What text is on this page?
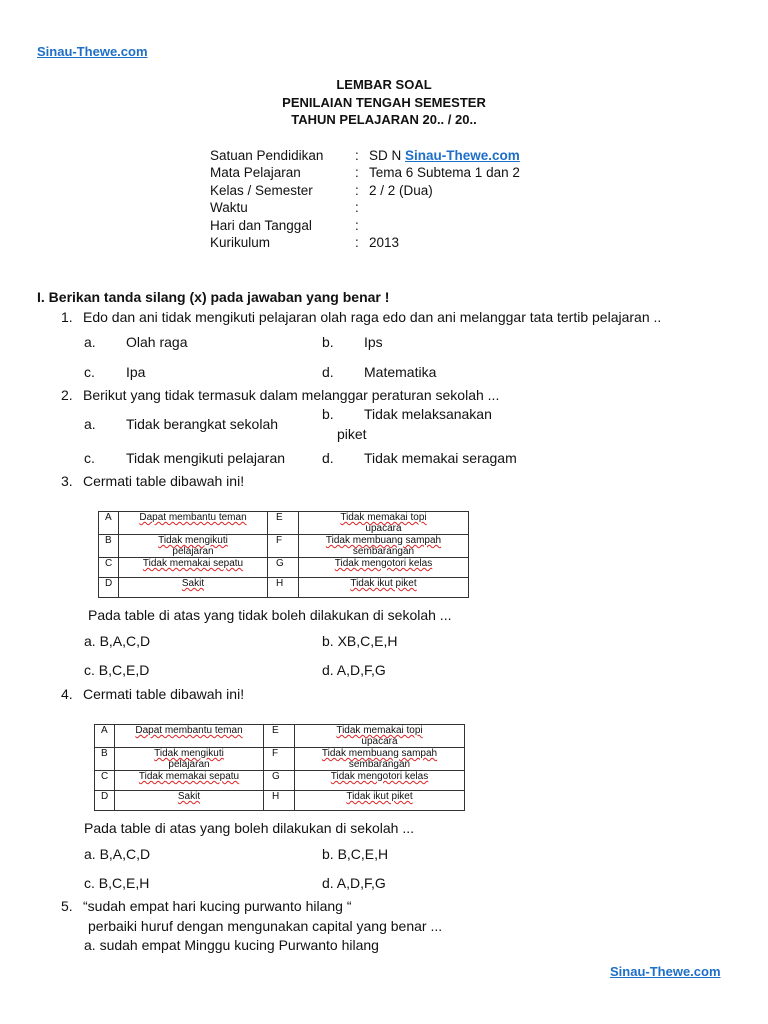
Sinau-Thewe.com
LEMBAR SOAL
PENILAIAN TENGAH SEMESTER
TAHUN PELAJARAN 20.. / 20..
Satuan Pendidikan : SD N Sinau-Thewe.com
Mata Pelajaran	: Tema 6 Subtema 1 dan 2
Kelas / Semester	: 2 / 2 (Dua)
Waktu	:
Hari dan Tanggal	:
Kurikulum	: 2013
I. Berikan tanda silang (x) pada jawaban yang benar !
1. Edo dan ani tidak mengikuti pelajaran olah raga edo dan ani melanggar tata tertib pelajaran ..
a. Olah raga	b. Ips
c. Ipa	d. Matematika
2. Berikut yang tidak termasuk dalam melanggar peraturan sekolah ...
a. Tidak berangkat sekolah
b. Tidak melaksanakan
piket
c. Tidak mengikuti pelajaran	d. Tidak memakai seragam
3. Cermati table dibawah ini!
A	Dapat membantu teman	E	Tidak memakai topi
upacara
B	Tidak mengikuti
pelajaran	F	Tidak membuang sampah
sembarangan
C	Tidak memakai sepatu	G	Tidak mengotori kelas
D	Sakit	H	Tidak ikut piket
Pada table di atas yang tidak boleh dilakukan di sekolah ...
a. B,A,C,D	b. XB,C,E,H
c. B,C,E,D	d. A,D,F,G
4. Cermati table dibawah ini!
A	Dapat membantu teman	E	Tidak memakai topi
upacara
B	Tidak mengikuti
pelajaran	F	Tidak membuang sampah
sembarangan
C	Tidak memakai sepatu	G	Tidak mengotori kelas
D	Sakit	H	Tidak ikut piket
Pada table di atas yang boleh dilakukan di sekolah ...
a. B,A,C,D	b. B,C,E,H
c. B,C,E,H	d. A,D,F,G
5. “sudah empat hari kucing purwanto hilang “
perbaiki huruf dengan mengunakan capital yang benar ...
a. sudah empat Minggu kucing Purwanto hilang
Sinau-Thewe.com
